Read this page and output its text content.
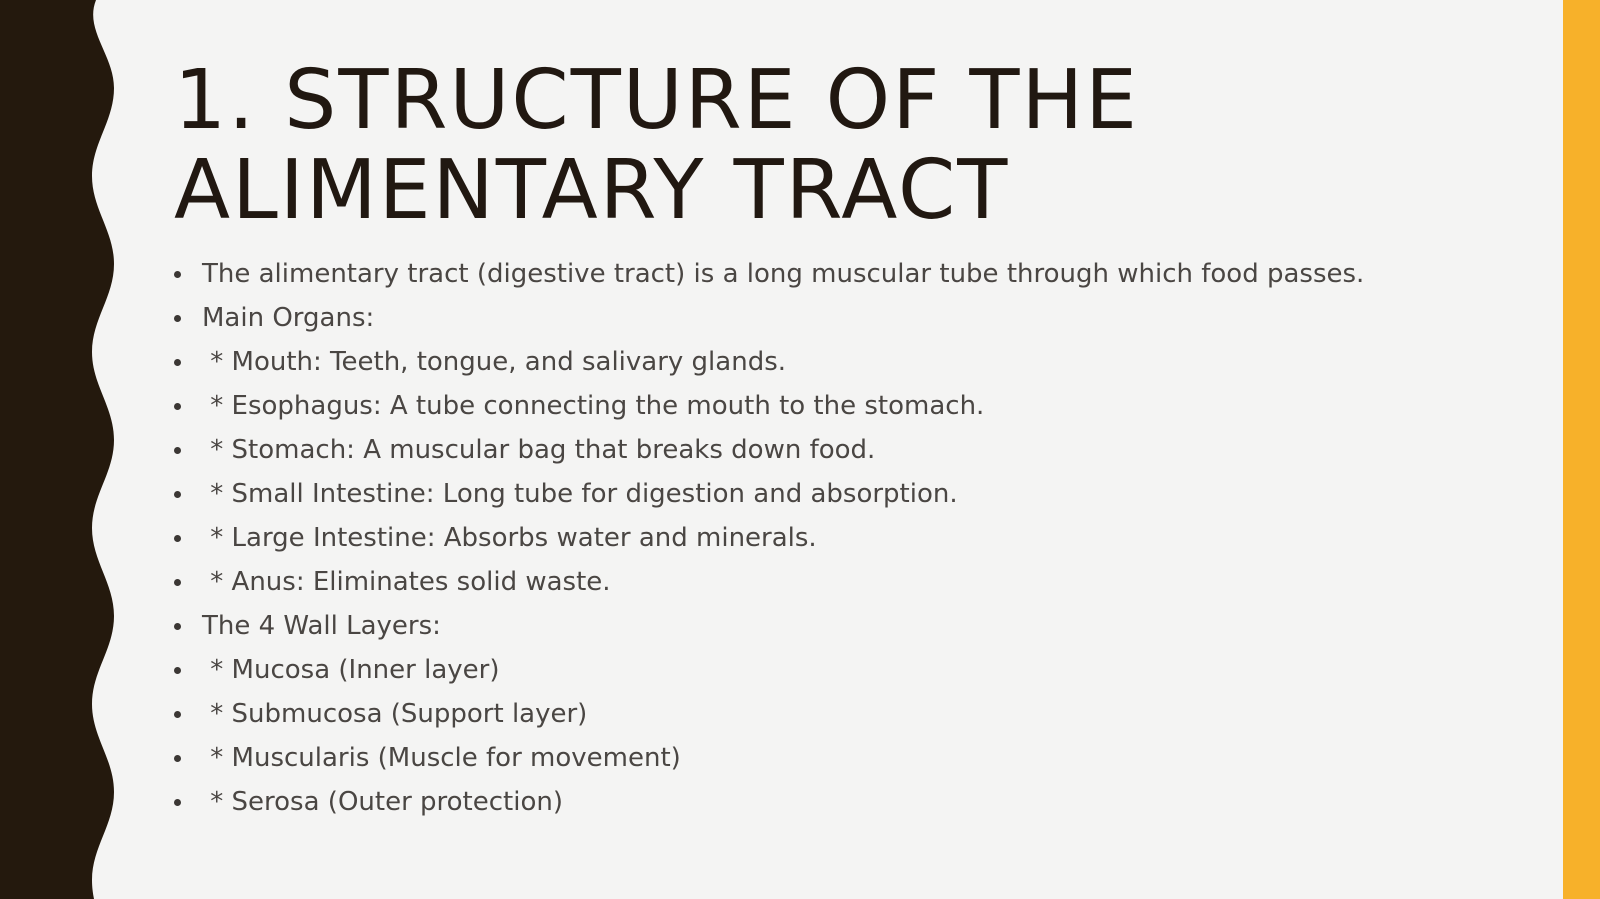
1. STRUCTURE OF THE
ALIMENTARY TRACT
The alimentary tract (digestive tract) is a long muscular tube through which food passes.
Main Organs:
* Mouth: Teeth, tongue, and salivary glands.
* Esophagus: A tube connecting the mouth to the stomach.
* Stomach: A muscular bag that breaks down food.
* Small Intestine: Long tube for digestion and absorption.
* Large Intestine: Absorbs water and minerals.
* Anus: Eliminates solid waste.
The 4 Wall Layers:
* Mucosa (Inner layer)
* Submucosa (Support layer)
* Muscularis (Muscle for movement)
* Serosa (Outer protection)
